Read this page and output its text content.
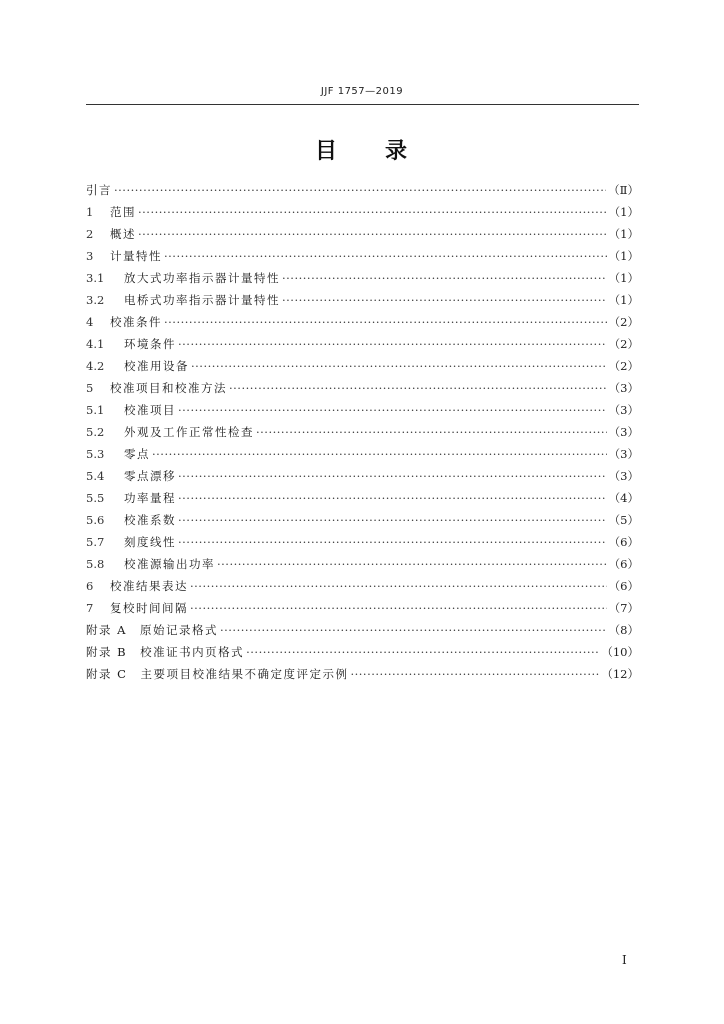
JJF 1757—2019
目 录
引言 ·····	（Ⅱ）
1	范围 ·····	（1）
2	概述 ·····	（1）
3	计量特性 ·····	（1）
3.1	放大式功率指示器计量特性 ·····	（1）
3.2	电桥式功率指示器计量特性 ·····	（1）
4	校准条件 ·····	（2）
4.1	环境条件 ·····	（2）
4.2	校准用设备 ·····	（2）
5	校准项目和校准方法 ·····	（3）
5.1	校准项目 ·····	（3）
5.2	外观及工作正常性检查 ·····	（3）
5.3	零点 ·····	（3）
5.4	零点漂移 ·····	（3）
5.5	功率量程 ·····	（4）
5.6	校准系数 ·····	（5）
5.7	刻度线性 ·····	（6）
5.8	校准源输出功率 ·····	（6）
6	校准结果表达 ·····	（6）
7	复校时间间隔 ·····	（7）
附录 A　原始记录格式 ·····	（8）
附录 B　校准证书内页格式 ·····	（10）
附录 C　主要项目校准结果不确定度评定示例 ·····	（12）
I
